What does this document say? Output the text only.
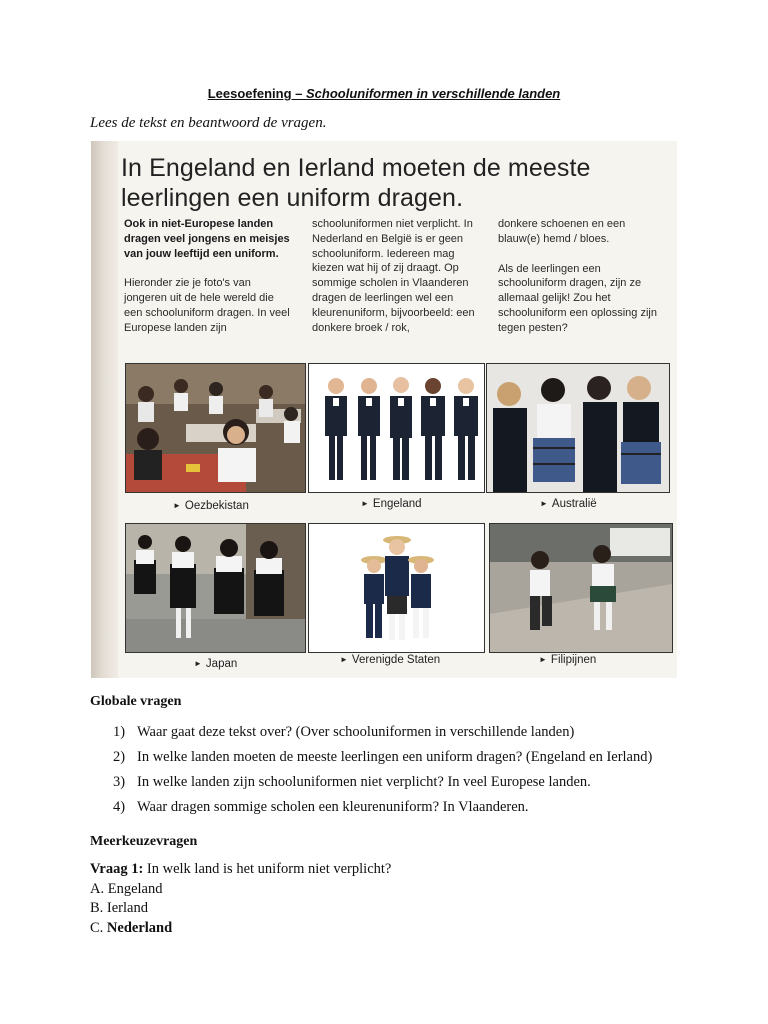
Leesoefening – Schooluniformen in verschillende landen
Lees de tekst en beantwoord de vragen.
In Engeland en Ierland moeten de meeste
leerlingen een uniform dragen.

Ook in niet-Europese landen dragen veel jongens en meisjes van jouw leeftijd een uniform.

Hieronder zie je foto's van jongeren uit de hele wereld die een schooluniform dragen. In veel Europese landen zijn

schooluniformen niet verplicht. In Nederland en België is er geen schooluniform. Iedereen mag kiezen wat hij of zij draagt. Op sommige scholen in Vlaanderen dragen de leerlingen wel een kleurenuniform, bijvoorbeeld: een donkere broek / rok,

donkere schoenen en een blauw(e) hemd / bloes.

Als de leerlingen een schooluniform dragen, zijn ze allemaal gelijk! Zou het schooluniform een oplossing zijn tegen pesten?

► Oezbekistan	► Engeland	► Australië
► Japan	► Verenigde Staten	► Filipijnen
Globale vragen
1) Waar gaat deze tekst over? (Over schooluniformen in verschillende landen)
2) In welke landen moeten de meeste leerlingen een uniform dragen? (Engeland en Ierland)
3) In welke landen zijn schooluniformen niet verplicht? In veel Europese landen.
4) Waar dragen sommige scholen een kleurenuniform? In Vlaanderen.
Meerkeuzevragen
Vraag 1: In welk land is het uniform niet verplicht?
A. Engeland
B. Ierland
C. Nederland
